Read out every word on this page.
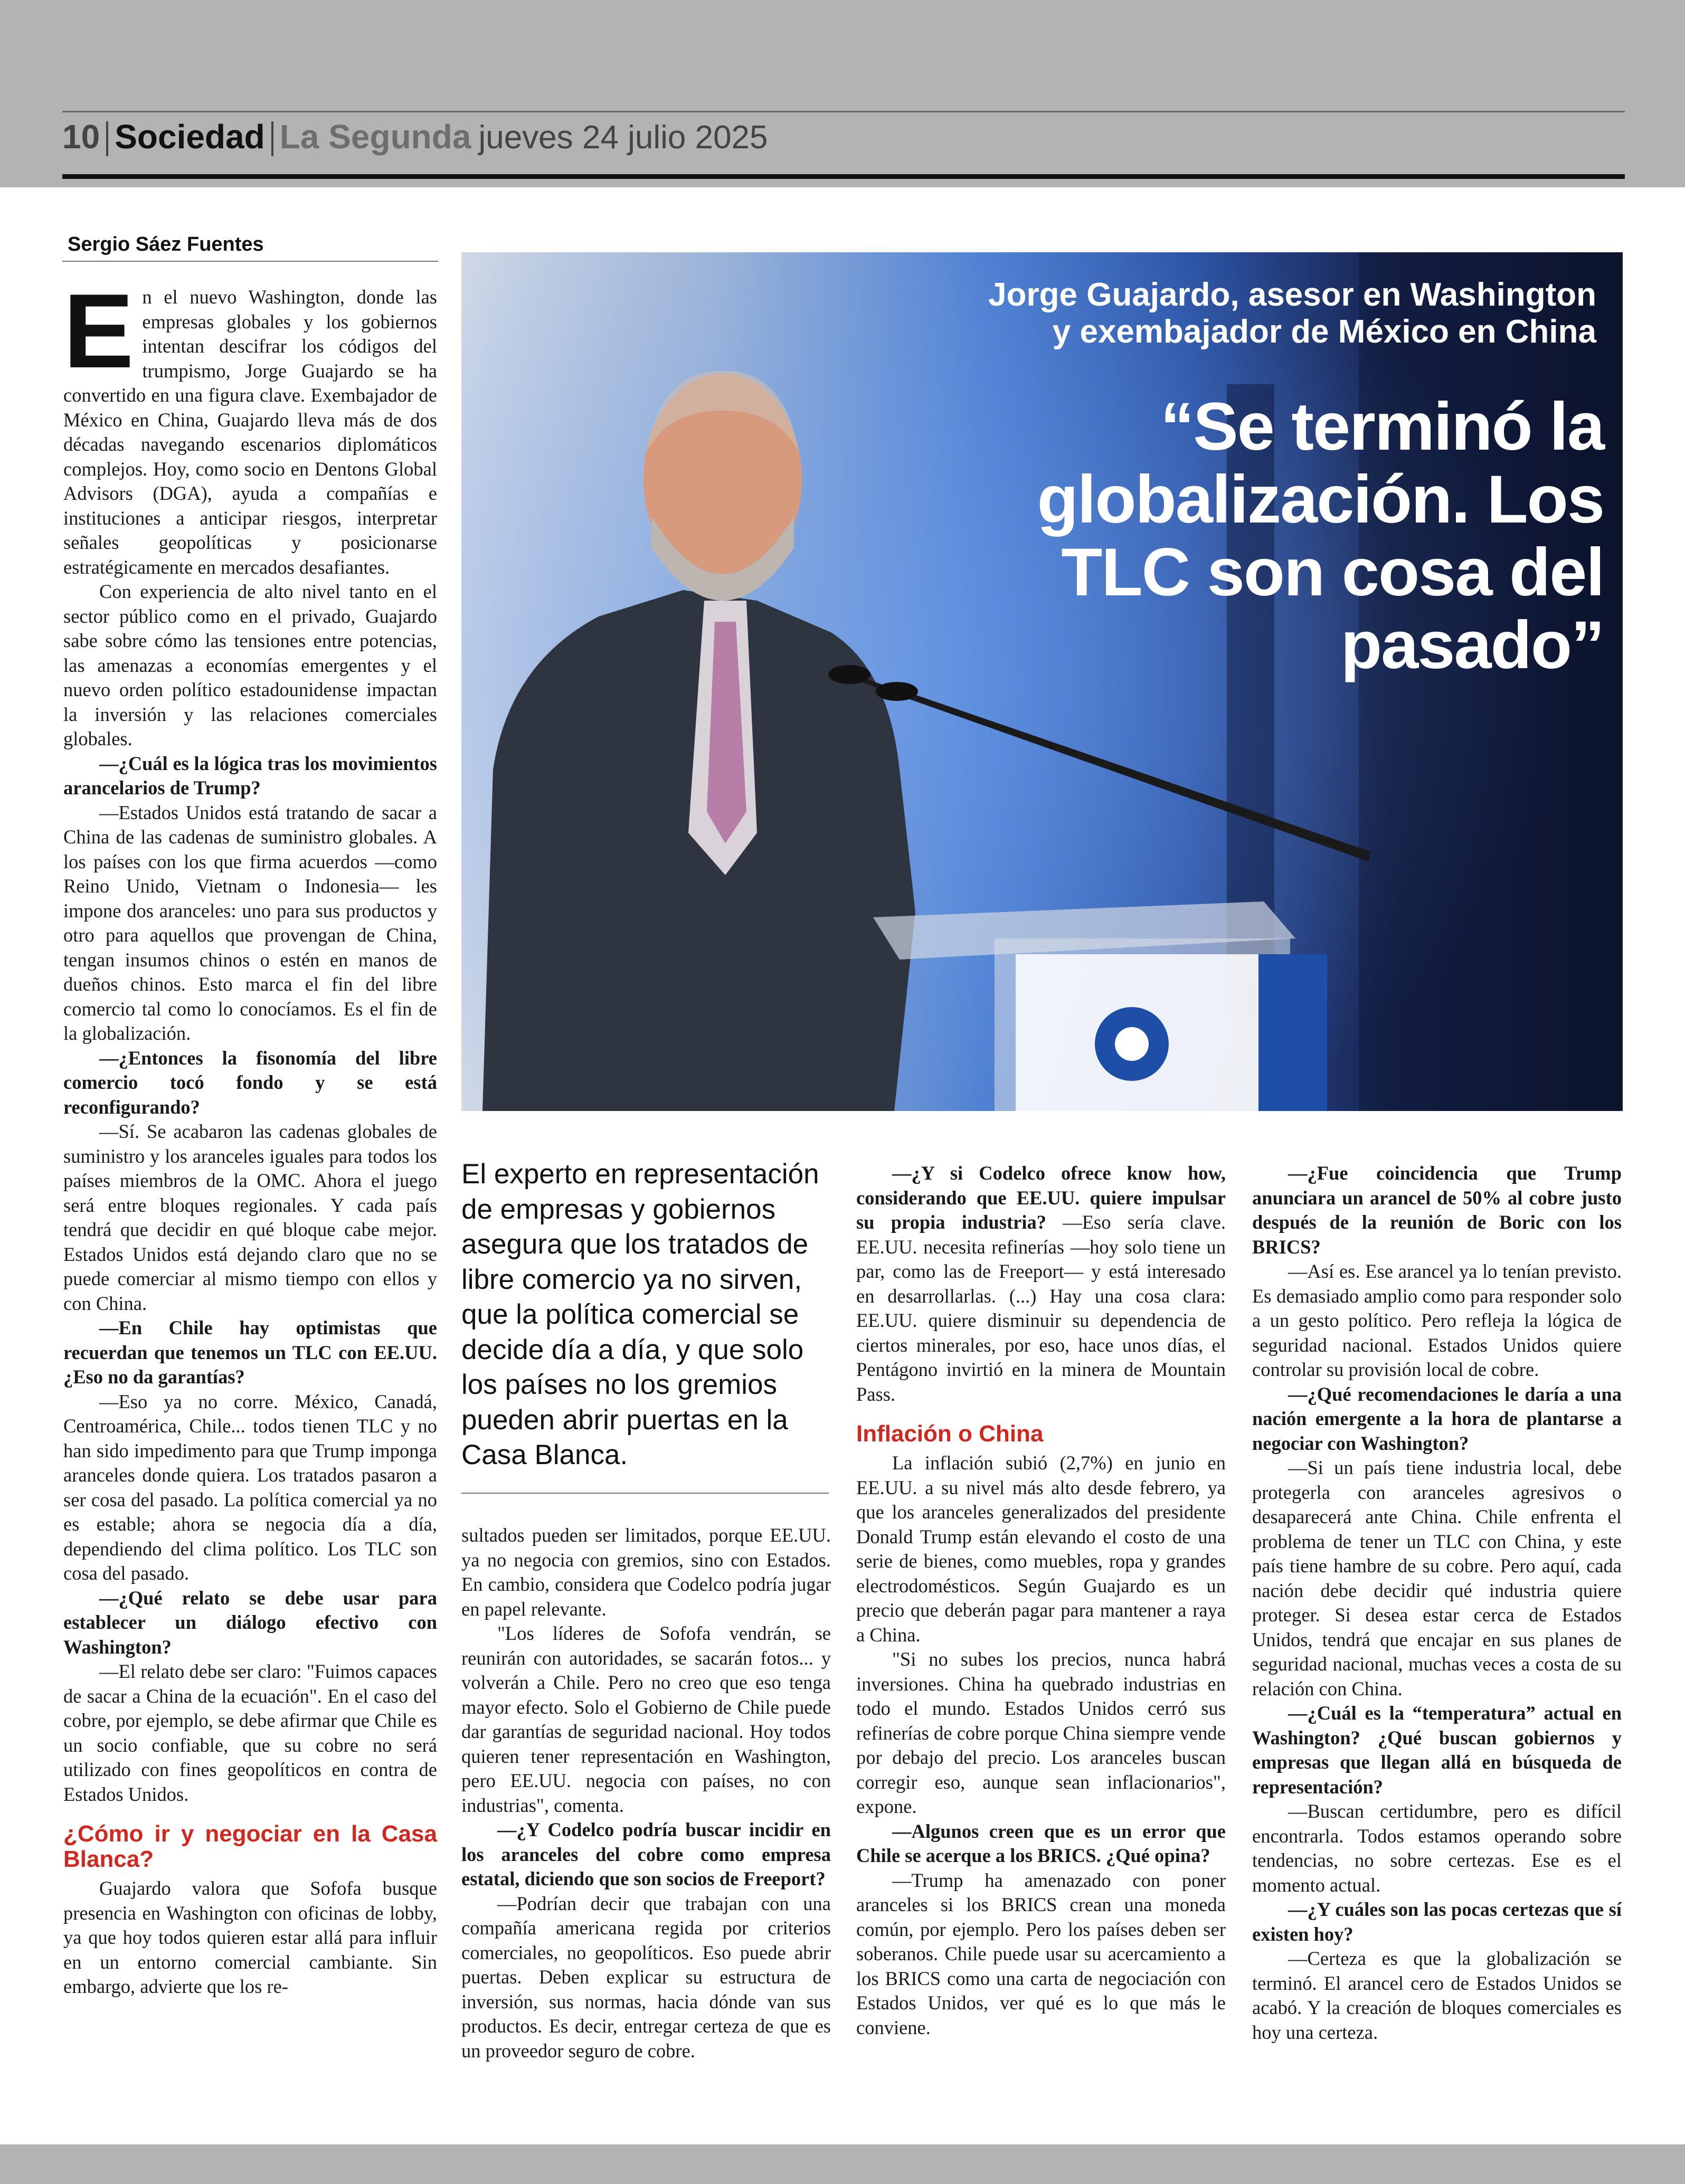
10 Sociedad La Segunda jueves 24 julio 2025
Sergio Sáez Fuentes
Jorge Guajardo, asesor en Washington y exembajador de México en China
“Se terminó la globalización. Los TLC son cosa del pasado”
El experto en representación de empresas y gobiernos asegura que los tratados de libre comercio ya no sirven, que la política comercial se decide día a día, y que solo los países no los gremios pueden abrir puertas en la Casa Blanca.
E n el nuevo Washington, donde las empresas globales y los gobiernos intentan descifrar los códigos del trumpismo, Jorge Guajardo se ha convertido en una figura clave. Exembajador de México en China, Guajardo lleva más de dos décadas navegando escenarios diplomáticos complejos. Hoy, como socio en Dentons Global Advisors (DGA), ayuda a compañías e instituciones a anticipar riesgos, interpretar señales geopolíticas y posicionarse estratégicamente en mercados desafiantes.

Con experiencia de alto nivel tanto en el sector público como en el privado, Guajardo sabe sobre cómo las tensiones entre potencias, las amenazas a economías emergentes y el nuevo orden político estadounidense impactan la inversión y las relaciones comerciales globales.

—¿Cuál es la lógica tras los movimientos arancelarios de Trump?

—Estados Unidos está tratando de sacar a China de las cadenas de suministro globales. A los países con los que firma acuerdos —como Reino Unido, Vietnam o Indonesia— les impone dos aranceles: uno para sus productos y otro para aquellos que provengan de China, tengan insumos chinos o estén en manos de dueños chinos. Esto marca el fin del libre comercio tal como lo conocíamos. Es el fin de la globalización.

—¿Entonces la fisonomía del libre comercio tocó fondo y se está reconfigurando?

—Sí. Se acabaron las cadenas globales de suministro y los aranceles iguales para todos los países miembros de la OMC. Ahora el juego será entre bloques regionales. Y cada país tendrá que decidir en qué bloque cabe mejor. Estados Unidos está dejando claro que no se puede comerciar al mismo tiempo con ellos y con China.

—En Chile hay optimistas que recuerdan que tenemos un TLC con EE.UU. ¿Eso no da garantías?

—Eso ya no corre. México, Canadá, Centroamérica, Chile... todos tienen TLC y no han sido impedimento para que Trump imponga aranceles donde quiera. Los tratados pasaron a ser cosa del pasado. La política comercial ya no es estable; ahora se negocia día a día, dependiendo del clima político. Los TLC son cosa del pasado.

—¿Qué relato se debe usar para establecer un diálogo efectivo con Washington?

—El relato debe ser claro: "Fuimos capaces de sacar a China de la ecuación". En el caso del cobre, por ejemplo, se debe afirmar que Chile es un socio confiable, que su cobre no será utilizado con fines geopolíticos en contra de Estados Unidos.

¿Cómo ir y negociar en la Casa Blanca?

Guajardo valora que Sofofa busque presencia en Washington con oficinas de lobby, ya que hoy todos quieren estar allá para influir en un entorno comercial cambiante. Sin embargo, advierte que los re-

sultados pueden ser limitados, porque EE.UU. ya no negocia con gremios, sino con Estados. En cambio, considera que Codelco podría jugar en papel relevante.

"Los líderes de Sofofa vendrán, se reunirán con autoridades, se sacarán fotos... y volverán a Chile. Pero no creo que eso tenga mayor efecto. Solo el Gobierno de Chile puede dar garantías de seguridad nacional. Hoy todos quieren tener representación en Washington, pero EE.UU. negocia con países, no con industrias", comenta.

—¿Y Codelco podría buscar incidir en los aranceles del cobre como empresa estatal, diciendo que son socios de Freeport?

—Podrían decir que trabajan con una compañía americana regida por criterios comerciales, no geopolíticos. Eso puede abrir puertas. Deben explicar su estructura de inversión, sus normas, hacia dónde van sus productos. Es decir, entregar certeza de que es un proveedor seguro de cobre.

—¿Y si Codelco ofrece know how, considerando que EE.UU. quiere impulsar su propia industria? —Eso sería clave. EE.UU. necesita refinerías —hoy solo tiene un par, como las de Freeport— y está interesado en desarrollarlas. (...) Hay una cosa clara: EE.UU. quiere disminuir su dependencia de ciertos minerales, por eso, hace unos días, el Pentágono invirtió en la minera de Mountain Pass.

Inflación o China

La inflación subió (2,7%) en junio en EE.UU. a su nivel más alto desde febrero, ya que los aranceles generalizados del presidente Donald Trump están elevando el costo de una serie de bienes, como muebles, ropa y grandes electrodomésticos. Según Guajardo es un precio que deberán pagar para mantener a raya a China.

"Si no subes los precios, nunca habrá inversiones. China ha quebrado industrias en todo el mundo. Estados Unidos cerró sus refinerías de cobre porque China siempre vende por debajo del precio. Los aranceles buscan corregir eso, aunque sean inflacionarios", expone.

—Algunos creen que es un error que Chile se acerque a los BRICS. ¿Qué opina?

—Trump ha amenazado con poner aranceles si los BRICS crean una moneda común, por ejemplo. Pero los países deben ser soberanos. Chile puede usar su acercamiento a los BRICS como una carta de negociación con Estados Unidos, ver qué es lo que más le conviene.

—¿Fue coincidencia que Trump anunciara un arancel de 50% al cobre justo después de la reunión de Boric con los BRICS?

—Así es. Ese arancel ya lo tenían previsto. Es demasiado amplio como para responder solo a un gesto político. Pero refleja la lógica de seguridad nacional. Estados Unidos quiere controlar su provisión local de cobre.

—¿Qué recomendaciones le daría a una nación emergente a la hora de plantarse a negociar con Washington?

—Si un país tiene industria local, debe protegerla con aranceles agresivos o desaparecerá ante China. Chile enfrenta el problema de tener un TLC con China, y este país tiene hambre de su cobre. Pero aquí, cada nación debe decidir qué industria quiere proteger. Si desea estar cerca de Estados Unidos, tendrá que encajar en sus planes de seguridad nacional, muchas veces a costa de su relación con China.

—¿Cuál es la “temperatura” actual en Washington? ¿Qué buscan gobiernos y empresas que llegan allá en búsqueda de representación?

—Buscan certidumbre, pero es difícil encontrarla. Todos estamos operando sobre tendencias, no sobre certezas. Ese es el momento actual.

—¿Y cuáles son las pocas certezas que sí existen hoy?

—Certeza es que la globalización se terminó. El arancel cero de Estados Unidos se acabó. Y la creación de bloques comerciales es hoy una certeza.
